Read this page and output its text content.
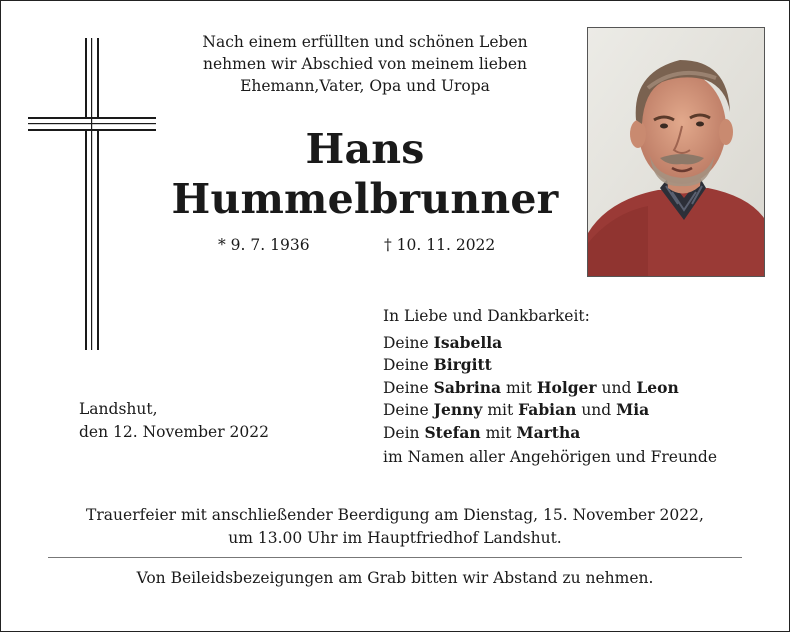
Nach einem erfüllten und schönen Leben
nehmen wir Abschied von meinem lieben
Ehemann,Vater, Opa und Uropa
Hans
Hummelbrunner
* 9. 7. 1936	† 10. 11. 2022
In Liebe und Dankbarkeit:
Deine Isabella
Deine Birgitt
Deine Sabrina mit Holger und Leon
Deine Jenny mit Fabian und Mia
Dein Stefan mit Martha
im Namen aller Angehörigen und Freunde
Landshut,
den 12. November 2022
Trauerfeier mit anschließender Beerdigung am Dienstag, 15. November 2022,
um 13.00 Uhr im Hauptfriedhof Landshut.
Von Beileidsbezeigungen am Grab bitten wir Abstand zu nehmen.
